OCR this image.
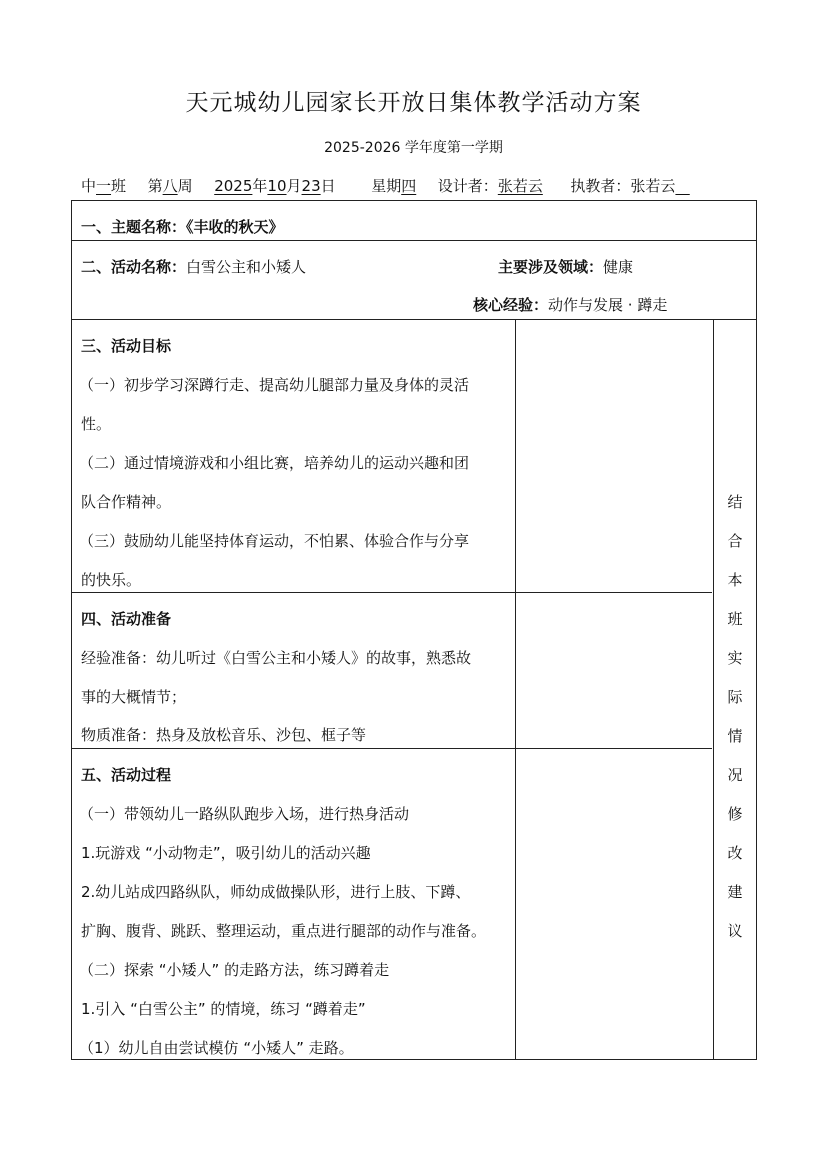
天元城幼儿园家长开放日集体教学活动方案
2025-2026 学年度第一学期
中一班 第八周 2025年10月23日 星期四 设计者：张若云 执教者：张若云
一、主题名称：《丰收的秋天》
二、活动名称：白雪公主和小矮人	主要涉及领域：健康
核心经验：动作与发展 · 蹲走
三、活动目标
（一）初步学习深蹲行走、提高幼儿腿部力量及身体的灵活
性。
（二）通过情境游戏和小组比赛，培养幼儿的运动兴趣和团
队合作精神。
（三）鼓励幼儿能坚持体育运动，不怕累、体验合作与分享
的快乐。
四、活动准备
经验准备：幼儿听过《白雪公主和小矮人》的故事，熟悉故
事的大概情节；
物质准备：热身及放松音乐、沙包、框子等
五、活动过程
（一）带领幼儿一路纵队跑步入场，进行热身活动
1.玩游戏 “小动物走”，吸引幼儿的活动兴趣
2.幼儿站成四路纵队，师幼成做操队形，进行上肢、下蹲、
扩胸、腹背、跳跃、整理运动，重点进行腿部的动作与准备。
（二）探索 “小矮人” 的走路方法，练习蹲着走
1.引入 “白雪公主” 的情境，练习 “蹲着走”
（1）幼儿自由尝试模仿 “小矮人” 走路。
结
合
本
班
实
际
情
况
修
改
建
议
